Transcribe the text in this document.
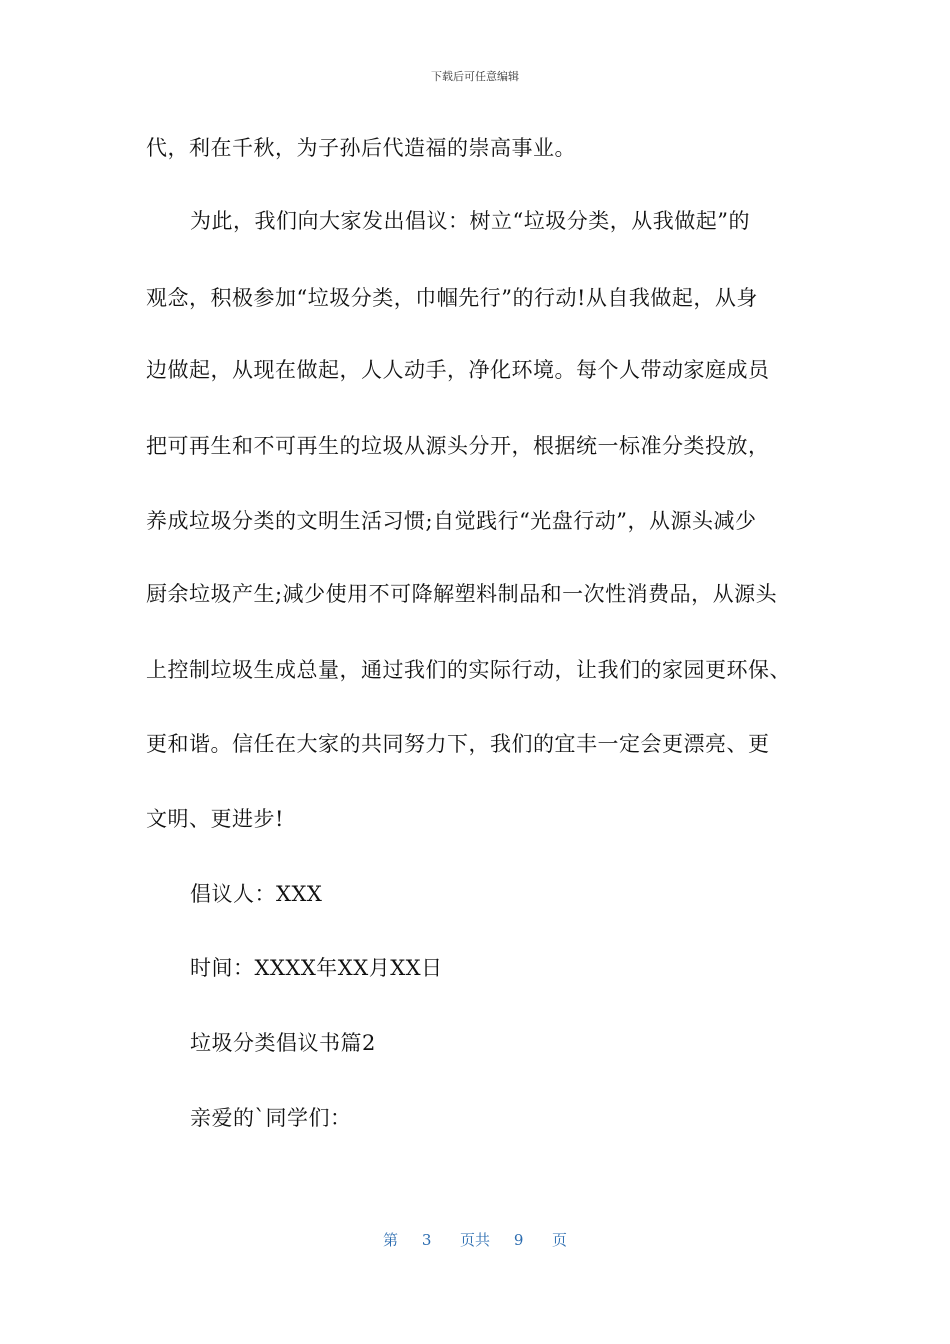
下载后可任意编辑
代，利在千秋，为子孙后代造福的崇高事业。
为此，我们向大家发出倡议：树立“垃圾分类，从我做起”的
观念，积极参加“垃圾分类，巾帼先行”的行动!从自我做起，从身
边做起，从现在做起，人人动手，净化环境。每个人带动家庭成员
把可再生和不可再生的垃圾从源头分开，根据统一标准分类投放，
养成垃圾分类的文明生活习惯;自觉践行“光盘行动”，从源头减少
厨余垃圾产生;减少使用不可降解塑料制品和一次性消费品，从源头
上控制垃圾生成总量，通过我们的实际行动，让我们的家园更环保、
更和谐。信任在大家的共同努力下，我们的宜丰一定会更漂亮、更
文明、更进步!
倡议人：XXX
时间：XXXX年XX月XX日
垃圾分类倡议书篇2
亲爱的`同学们：
第 3 页共 9 页
